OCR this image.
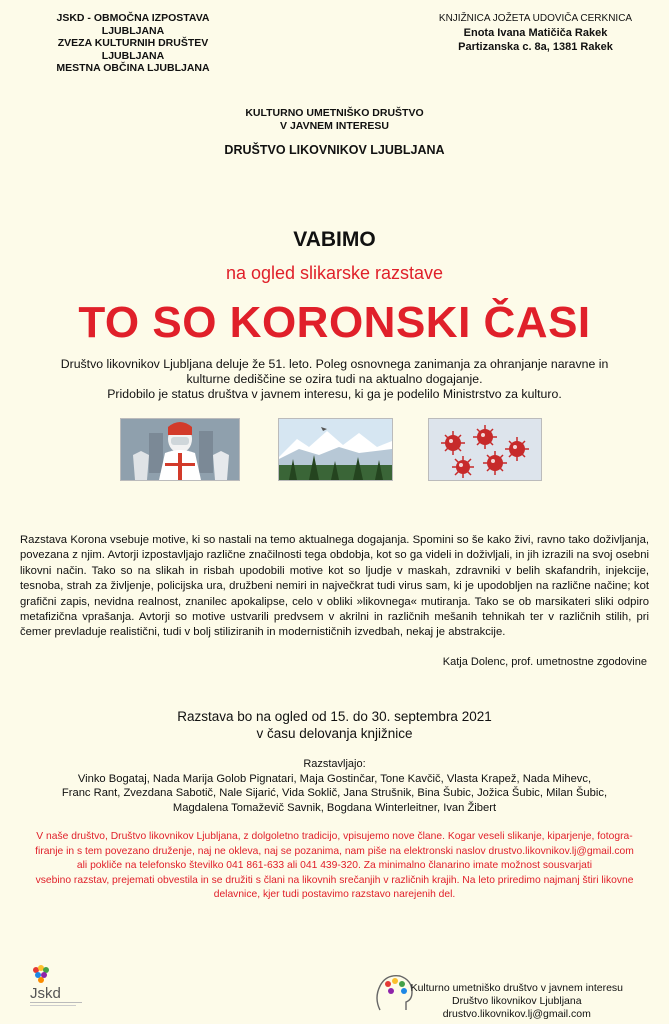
JSKD - OBMOČNA IZPOSTAVA LJUBLJANA
ZVEZA KULTURNIH DRUŠTEV LJUBLJANA
MESTNA OBČINA LJUBLJANA
KNJIŽNICA JOŽETA UDOVIČA CERKNICA
Enota Ivana Matičiča Rakek
Partizanska c. 8a, 1381 Rakek
KULTURNO UMETNIŠKO DRUŠTVO
V JAVNEM INTERESU
DRUŠTVO LIKOVNIKOV LJUBLJANA
VABIMO
na ogled slikarske razstave
TO SO KORONSKI ČASI
Društvo likovnikov Ljubljana deluje že 51. leto. Poleg osnovnega zanimanja za ohranjanje naravne in
kulturne dediščine se ozira tudi na aktualno dogajanje.
Pridobilo je status društva v javnem interesu, ki ga je podelilo Ministrstvo za kulturo.
Razstava Korona vsebuje motive, ki so nastali na temo aktualnega dogajanja. Spomini so še kako živi, ravno tako doživljanja, povezana z njim. Avtorji izpostavljajo različne značilnosti tega obdobja, kot so ga videli in doživljali, in jih izrazili na svoj osebni likovni način. Tako so na slikah in risbah upodobili motive kot so ljudje v maskah, zdravniki v belih skafandrih, injekcije, tesnoba, strah za življenje, policijska ura, družbeni nemiri in največkrat tudi virus sam, ki je upodobljen na različne načine; kot grafični zapis, nevidna realnost, znanilec apokalipse, celo v obliki »likovnega« mutiranja. Tako se ob marsikateri sliki odpiro metafizična vprašanja. Avtorji so motive ustvarili predvsem v akrilni in različnih mešanih tehnikah ter v različnih stilih, pri čemer prevladuje realistični, tudi v bolj stiliziranih in modernističnih izvedbah, nekaj je abstrakcije.
Katja Dolenc, prof. umetnostne zgodovine
Razstava bo na ogled od 15. do 30. septembra 2021
v času delovanja knjižnice
Razstavljajo:
Vinko Bogataj, Nada Marija Golob Pignatari, Maja Gostinčar, Tone Kavčič, Vlasta Krapež, Nada Mihevc,
Franc Rant, Zvezdana Sabotič, Nale Sijarić, Vida Soklič, Jana Strušnik, Bina Šubic, Jožica Šubic, Milan Šubic,
Magdalena Tomaževič Savnik, Bogdana Winterleitner, Ivan Žibert
V naše društvo, Društvo likovnikov Ljubljana, z dolgoletno tradicijo, vpisujemo nove člane. Kogar veseli slikanje, kiparjenje, fotogra-
firanje in s tem povezano druženje, naj ne okleva, naj se pozanima, nam piše na elektronski naslov drustvo.likovnikov.lj@gmail.com
ali pokliče na telefonsko številko 041 861-633 ali 041 439-320. Za minimalno članarino imate možnost sousvarjati
vsebino razstav, prejemati obvestila in se družiti s člani na likovnih srečanjih v različnih krajih. Na leto priredimo najmanj štiri likovne
delavnice, kjer tudi postavimo razstavo narejenih del.
Jskd	Kulturno umetniško društvo v javnem interesu
Društvo likovnikov Ljubljana
drustvo.likovnikov.lj@gmail.com
